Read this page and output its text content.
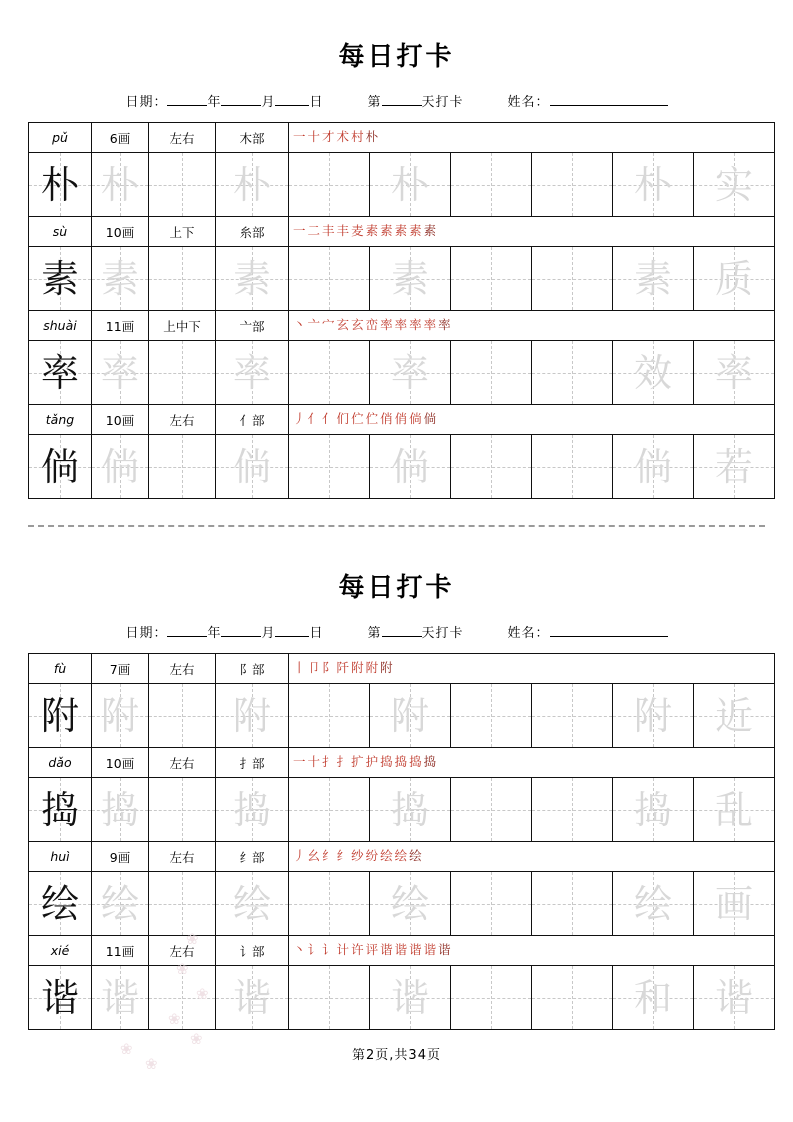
每日打卡
日期：	年	月	日	第	天打卡	姓名：
pǔ	6画	左右	木部	一 十 才 术 村 朴

朴	朴		朴		朴			朴	实

sù	10画	上下	糸部	一 二 丰 丰 麦 素 素 素 素 素

素	素		素		素			素	质

shuài	11画	上中下	亠部	丶 亠 宀 玄 玄 峦 率 率 率 率 率

率	率		率		率			效	率

tǎng	10画	左右	亻部	丿 亻 亻 们 伫 伫 俏 俏 倘 倘

倘	倘		倘		倘			倘	若
每日打卡
日期：	年	月	日	第	天打卡	姓名：
fù	7画	左右	阝部	丨 卩 阝 阡 附 附 附

附	附		附		附			附	近

dǎo	10画	左右	扌部	一 十 扌 扌 扩 护 捣 捣 捣 捣

捣	捣		捣		捣			捣	乱

huì	9画	左右	纟部	丿 幺 纟 纟 纱 纷 绘 绘 绘

绘	绘		绘		绘			绘	画

xié	11画	左右	讠部	丶 讠 讠 计 许 评 谐 谐 谐 谐 谐

谐	谐		谐		谐			和	谐
第2页,共34页
❀
❀
❀
❀
❀
❀
❀
